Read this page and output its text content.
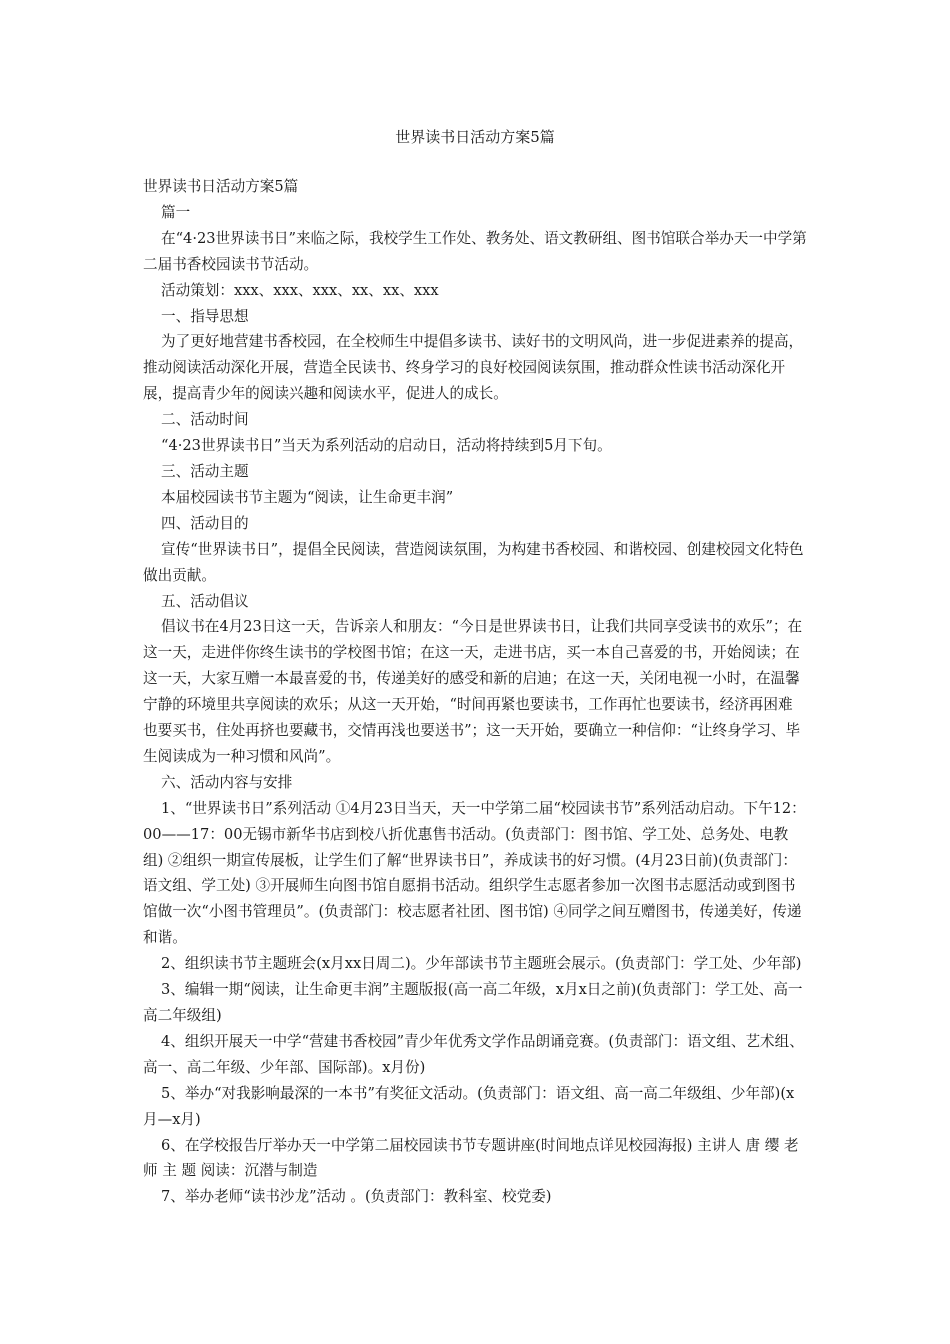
世界读书日活动方案5篇

世界读书日活动方案5篇

篇一

在“4·23世界读书日”来临之际，我校学生工作处、教务处、语文教研组、图书馆联合举办天一中学第二届书香校园读书节活动。

活动策划：xxx、xxx、xxx、xx、xx、xxx

一、指导思想

为了更好地营建书香校园，在全校师生中提倡多读书、读好书的文明风尚，进一步促进素养的提高，推动阅读活动深化开展，营造全民读书、终身学习的良好校园阅读氛围，推动群众性读书活动深化开展，提高青少年的阅读兴趣和阅读水平，促进人的成长。

二、活动时间

“4·23世界读书日”当天为系列活动的启动日，活动将持续到5月下旬。

三、活动主题

本届校园读书节主题为“阅读，让生命更丰润”

四、活动目的

宣传“世界读书日”，提倡全民阅读，营造阅读氛围，为构建书香校园、和谐校园、创建校园文化特色做出贡献。

五、活动倡议

倡议书在4月23日这一天，告诉亲人和朋友：“今日是世界读书日，让我们共同享受读书的欢乐”；在这一天，走进伴你终生读书的学校图书馆；在这一天，走进书店，买一本自己喜爱的书，开始阅读；在这一天，大家互赠一本最喜爱的书，传递美好的感受和新的启迪；在这一天，关闭电视一小时，在温馨宁静的环境里共享阅读的欢乐；从这一天开始，“时间再紧也要读书，工作再忙也要读书，经济再困难也要买书，住处再挤也要藏书，交情再浅也要送书”；这一天开始，要确立一种信仰：“让终身学习、毕生阅读成为一种习惯和风尚”。

六、活动内容与安排

1、“世界读书日”系列活动 ①4月23日当天，天一中学第二届“校园读书节”系列活动启动。下午12：00——17：00无锡市新华书店到校八折优惠售书活动。(负责部门：图书馆、学工处、总务处、电教组) ②组织一期宣传展板，让学生们了解“世界读书日”，养成读书的好习惯。(4月23日前)(负责部门：语文组、学工处) ③开展师生向图书馆自愿捐书活动。组织学生志愿者参加一次图书志愿活动或到图书馆做一次“小图书管理员”。(负责部门：校志愿者社团、图书馆) ④同学之间互赠图书，传递美好，传递和谐。

2、组织读书节主题班会(x月xx日周二)。少年部读书节主题班会展示。(负责部门：学工处、少年部)

3、编辑一期“阅读，让生命更丰润”主题版报(高一高二年级，x月x日之前)(负责部门：学工处、高一高二年级组)

4、组织开展天一中学“营建书香校园”青少年优秀文学作品朗诵竞赛。(负责部门：语文组、艺术组、高一、高二年级、少年部、国际部)。x月份)

5、举办“对我影响最深的一本书”有奖征文活动。(负责部门：语文组、高一高二年级组、少年部)(x月—x月)

6、在学校报告厅举办天一中学第二届校园读书节专题讲座(时间地点详见校园海报) 主讲人 唐 缨 老师 主 题 阅读：沉潜与制造

7、举办老师“读书沙龙”活动 。(负责部门：教科室、校党委)
